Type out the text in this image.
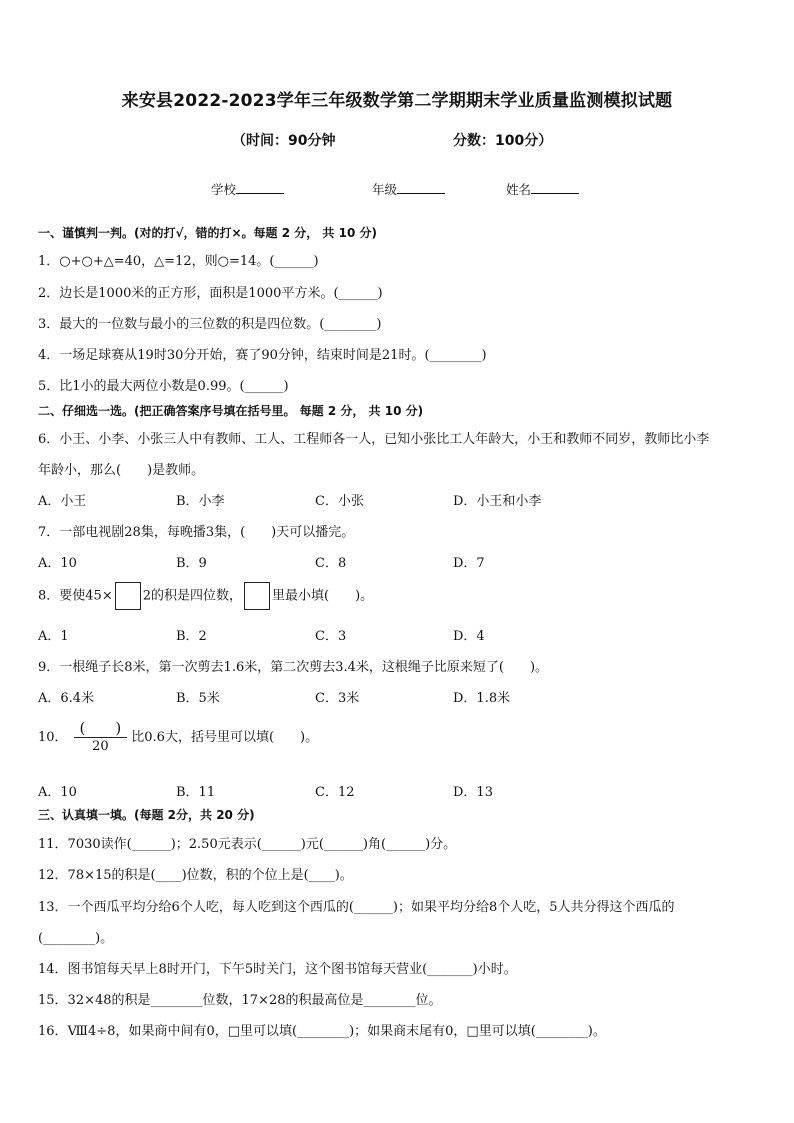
来安县2022-2023学年三年级数学第二学期期末学业质量监测模拟试题
（时间：90分钟	分数：100分）
学校	年级	姓名
一、谨慎判一判。(对的打√，错的打×。每题 2 分， 共 10 分)
1．○+○+△=40，△=12，则○=14。(______)
2．边长是1000米的正方形，面积是1000平方米。(______)
3．最大的一位数与最小的三位数的积是四位数。(________)
4．一场足球赛从19时30分开始，赛了90分钟，结束时间是21时。(________)
5．比1小的最大两位小数是0.99。(______)
二、仔细选一选。(把正确答案序号填在括号里。 每题 2 分， 共 10 分)
6．小王、小李、小张三人中有教师、工人、工程师各一人，已知小张比工人年龄大，小王和教师不同岁，教师比小李
年龄小，那么(　　)是教师。
A．小王	B．小李	C．小张	D．小王和小李
7．一部电视剧28集，每晚播3集，(　　)天可以播完。
A．10	B．9	C．8	D．7
8．要使45× 2的积是四位数， 里最小填(　　)。
A．1	B．2	C．3	D．4
9．一根绳子长8米，第一次剪去1.6米，第二次剪去3.4米，这根绳子比原来短了(　　)。
A．6.4米	B．5米	C．3米	D．1.8米
10． $\frac{( )}{20}$ 比0.6大，括号里可以填(　　)。
A．10	B．11	C．12	D．13
三、认真填一填。(每题 2分，共 20 分)
11．7030读作(______)；2.50元表示(______)元(______)角(______)分。
12．78×15的积是(____)位数，积的个位上是(____)。
13．一个西瓜平均分给6个人吃，每人吃到这个西瓜的(______)；如果平均分给8个人吃，5人共分得这个西瓜的
(________)。
14．图书馆每天早上8时开门，下午5时关门，这个图书馆每天营业(_______)小时。
15．32×48的积是________位数，17×28的积最高位是________位。
16．Ⅷ4÷8，如果商中间有0，□里可以填(________)；如果商末尾有0，□里可以填(________)。
